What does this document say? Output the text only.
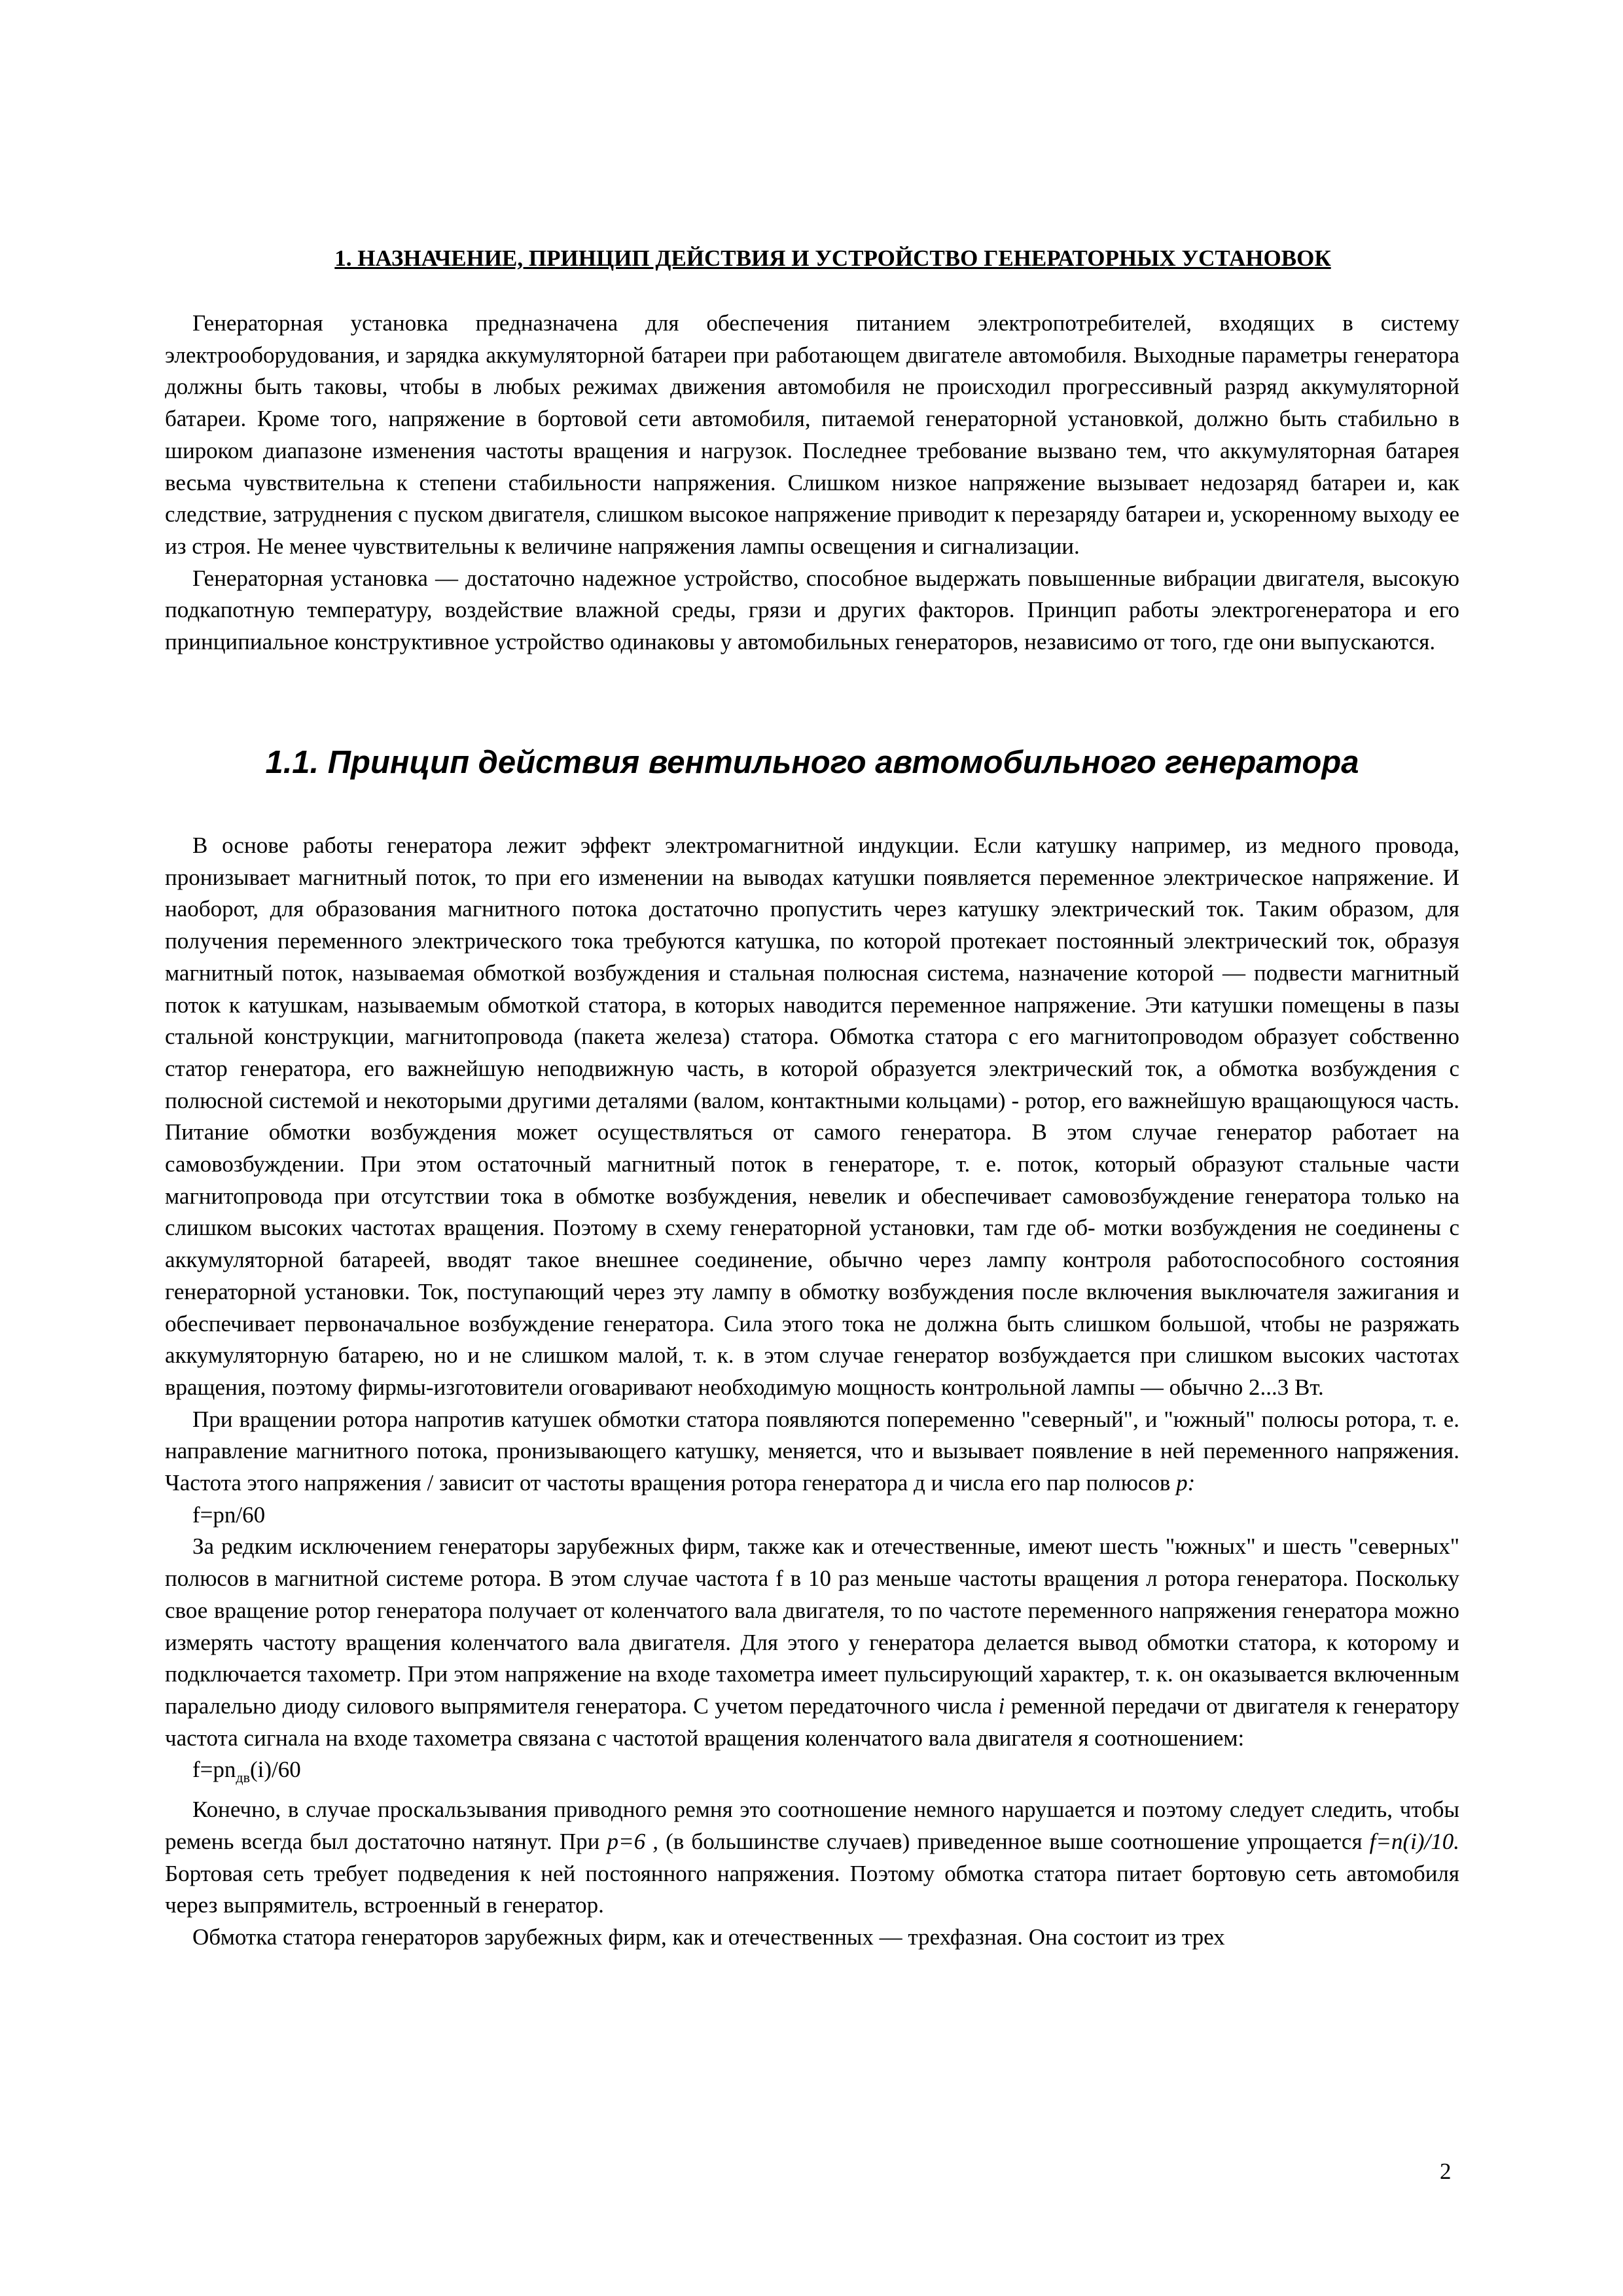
1. НАЗНАЧЕНИЕ, ПРИНЦИП ДЕЙСТВИЯ И УСТРОЙСТВО ГЕНЕРАТОРНЫХ УСТАНОВОК

Генераторная установка предназначена для обеспечения питанием электропотребителей, входящих в систему электрооборудования, и зарядка аккумуляторной батареи при работающем двигателе автомобиля. Выходные параметры генератора должны быть таковы, чтобы в любых режимах движения автомобиля не происходил прогрессивный разряд аккумуляторной батареи. Кроме того, напряжение в бортовой сети автомобиля, питаемой генераторной установкой, должно быть стабильно в широком диапазоне изменения частоты вращения и нагрузок. Последнее требование вызвано тем, что аккумуляторная батарея весьма чувствительна к степени стабильности напряжения. Слишком низкое напряжение вызывает недозаряд батареи и, как следствие, затруднения с пуском двигателя, слишком высокое напряжение приводит к перезаряду батареи и, ускоренному выходу ее из строя. Не менее чувствительны к величине напряжения лампы освещения и сигнализации.

Генераторная установка — достаточно надежное устройство, способное выдержать повышенные вибрации двигателя, высокую подкапотную температуру, воздействие влажной среды, грязи и других факторов. Принцип работы электрогенератора и его принципиальное конструктивное устройство одинаковы у автомобильных генераторов, независимо от того, где они выпускаются.

1.1. Принцип действия вентильного автомобильного генератора

В основе работы генератора лежит эффект электромагнитной индукции. Если катушку например, из медного провода, пронизывает магнитный поток, то при его изменении на выводах катушки появляется переменное электрическое напряжение. И наоборот, для образования магнитного потока достаточно пропустить через катушку электрический ток. Таким образом, для получения переменного электрического тока требуются катушка, по которой протекает постоянный электрический ток, образуя магнитный поток, называемая обмоткой возбуждения и стальная полюсная система, назначение которой — подвести магнитный поток к катушкам, называемым обмоткой статора, в которых наводится переменное напряжение. Эти катушки помещены в пазы стальной конструкции, магнитопровода (пакета железа) статора. Обмотка статора с его магнитопроводом образует собственно статор генератора, его важнейшую неподвижную часть, в которой образуется электрический ток, а обмотка возбуждения с полюсной системой и некоторыми другими деталями (валом, контактными кольцами) - ротор, его важнейшую вращающуюся часть. Питание обмотки возбуждения может осуществляться от самого генератора. В этом случае генератор работает на самовозбуждении. При этом остаточный магнитный поток в генераторе, т. е. поток, который образуют стальные части магнитопровода при отсутствии тока в обмотке возбуждения, невелик и обеспечивает самовозбуждение генератора только на слишком высоких частотах вращения. Поэтому в схему генераторной установки, там где об- мотки возбуждения не соединены с аккумуляторной батареей, вводят такое внешнее соединение, обычно через лампу контроля работоспособного состояния генераторной установки. Ток, поступающий через эту лампу в обмотку возбуждения после включения выключателя зажигания и обеспечивает первоначальное возбуждение генератора. Сила этого тока не должна быть слишком большой, чтобы не разряжать аккумуляторную батарею, но и не слишком малой, т. к. в этом случае генератор возбуждается при слишком высоких частотах вращения, поэтому фирмы-изготовители оговаривают необходимую мощность контрольной лампы — обычно 2...3 Вт.

При вращении ротора напротив катушек обмотки статора появляются попеременно "северный", и "южный" полюсы ротора, т. е. направление магнитного потока, пронизывающего катушку, меняется, что и вызывает появление в ней переменного напряжения. Частота этого напряжения / зависит от частоты вращения ротора генератора д и числа его пар полюсов р:

f=pn/60

За редким исключением генераторы зарубежных фирм, также как и отечественные, имеют шесть "южных" и шесть "северных" полюсов в магнитной системе ротора. В этом случае частота f в 10 раз меньше частоты вращения л ротора генератора. Поскольку свое вращение ротор генератора получает от коленчатого вала двигателя, то по частоте переменного напряжения генератора можно измерять частоту вращения коленчатого вала двигателя. Для этого у генератора делается вывод обмотки статора, к которому и подключается тахометр. При этом напряжение на входе тахометра имеет пульсирующий характер, т. к. он оказывается включенным паралельно диоду силового выпрямителя генератора. С учетом передаточного числа i ременной передачи от двигателя к генератору частота сигнала на входе тахометра связана с частотой вращения коленчатого вала двигателя я соотношением:

$f=pn_{дв}(i)/60$

Конечно, в случае проскальзывания приводного ремня это соотношение немного нарушается и поэтому следует следить, чтобы ремень всегда был достаточно натянут. При р=6 , (в большинстве случаев) приведенное выше соотношение упрощается f=n(i)/10. Бортовая сеть требует подведения к ней постоянного напряжения. Поэтому обмотка статора питает бортовую сеть автомобиля через выпрямитель, встроенный в генератор.

Обмотка статора генераторов зарубежных фирм, как и отечественных — трехфазная. Она состоит из трех

2
